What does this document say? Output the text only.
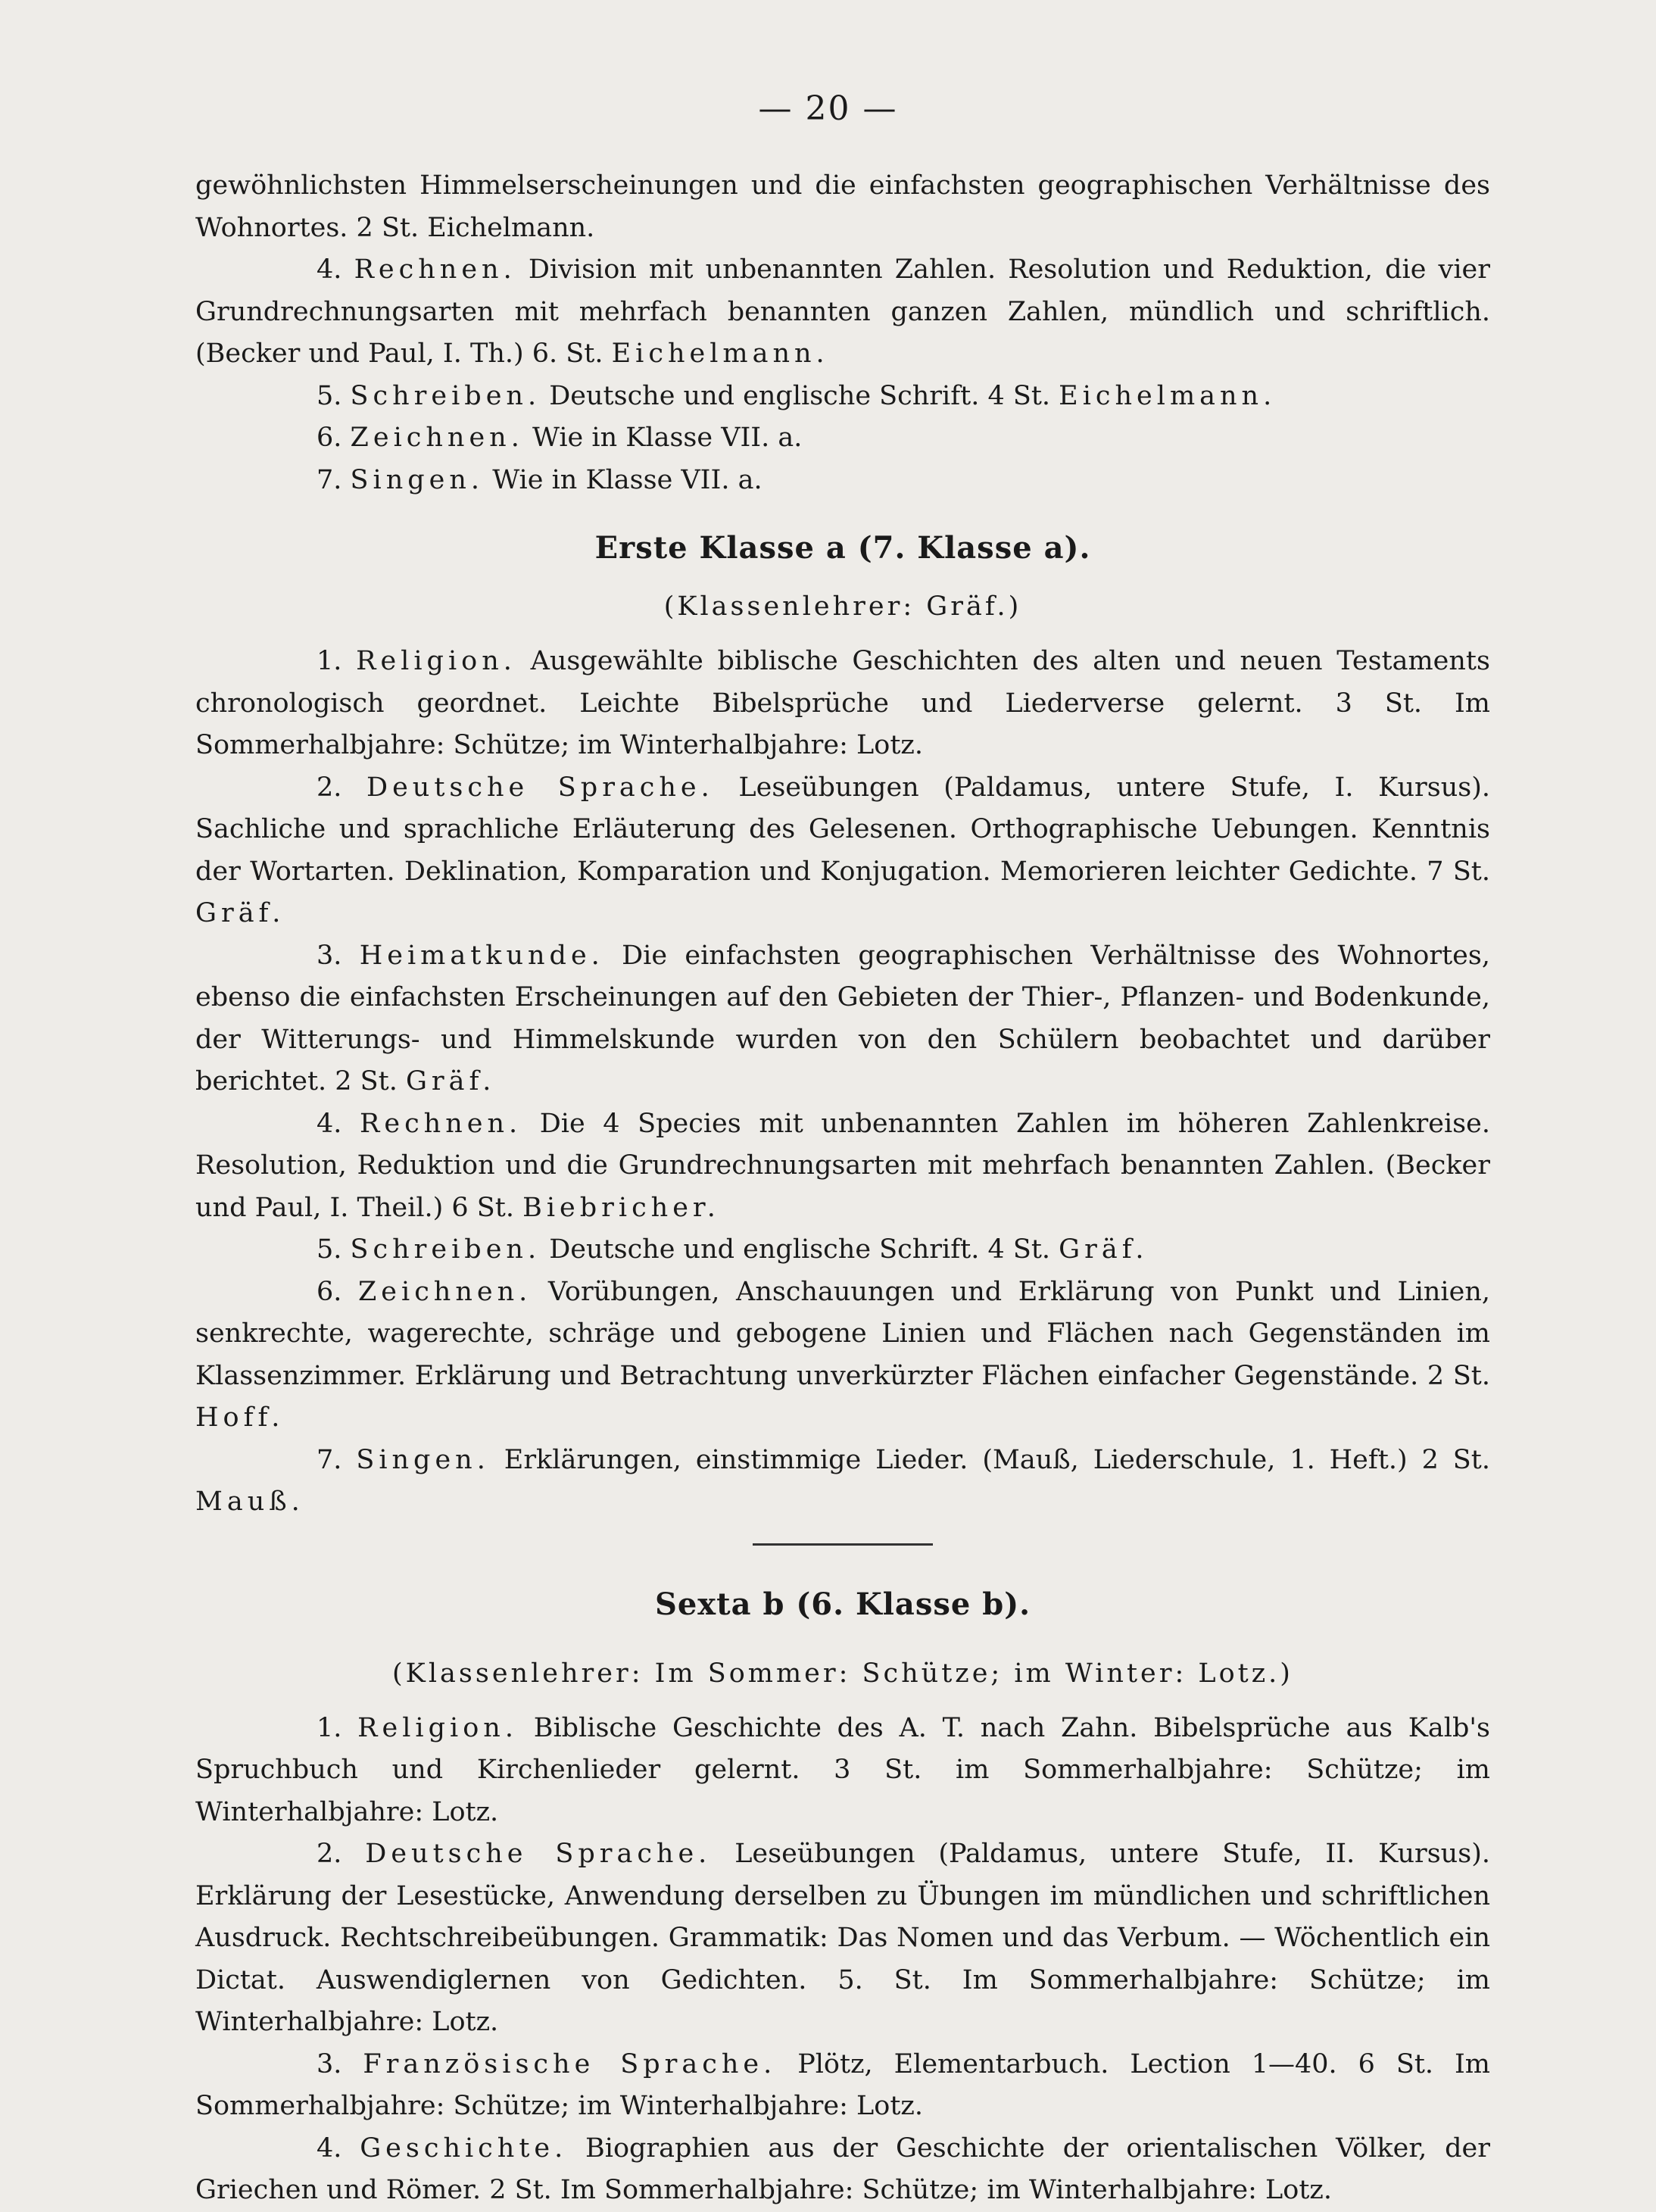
— 20 —

gewöhnlichsten Himmelserscheinungen und die einfachsten geographischen Verhältnisse des Wohnortes. 2 St. Eichelmann.

4. Rechnen. Division mit unbenannten Zahlen. Resolution und Reduktion, die vier Grundrechnungsarten mit mehrfach benannten ganzen Zahlen, mündlich und schriftlich. (Becker und Paul, I. Th.) 6. St. Eichelmann.

5. Schreiben. Deutsche und englische Schrift. 4 St. Eichelmann.

6. Zeichnen. Wie in Klasse VII. a.

7. Singen. Wie in Klasse VII. a.

Erste Klasse a (7. Klasse a).
(Klassenlehrer: Gräf.)

1. Religion. Ausgewählte biblische Geschichten des alten und neuen Testaments chronologisch geordnet. Leichte Bibelsprüche und Liederverse gelernt. 3 St. Im Sommerhalbjahre: Schütze; im Winterhalbjahre: Lotz.

2. Deutsche Sprache. Leseübungen (Paldamus, untere Stufe, I. Kursus). Sachliche und sprachliche Erläuterung des Gelesenen. Orthographische Uebungen. Kenntnis der Wortarten. Deklination, Komparation und Konjugation. Memorieren leichter Gedichte. 7 St. Gräf.

3. Heimatkunde. Die einfachsten geographischen Verhältnisse des Wohnortes, ebenso die einfachsten Erscheinungen auf den Gebieten der Thier-, Pflanzen- und Bodenkunde, der Witterungs- und Himmelskunde wurden von den Schülern beobachtet und darüber berichtet. 2 St. Gräf.

4. Rechnen. Die 4 Species mit unbenannten Zahlen im höheren Zahlenkreise. Resolution, Reduktion und die Grundrechnungsarten mit mehrfach benannten Zahlen. (Becker und Paul, I. Theil.) 6 St. Biebricher.

5. Schreiben. Deutsche und englische Schrift. 4 St. Gräf.

6. Zeichnen. Vorübungen, Anschauungen und Erklärung von Punkt und Linien, senkrechte, wagerechte, schräge und gebogene Linien und Flächen nach Gegenständen im Klassenzimmer. Erklärung und Betrachtung unverkürzter Flächen einfacher Gegenstände. 2 St. Hoff.

7. Singen. Erklärungen, einstimmige Lieder. (Mauß, Liederschule, 1. Heft.) 2 St. Mauß.

Sexta b (6. Klasse b).
(Klassenlehrer: Im Sommer: Schütze; im Winter: Lotz.)

1. Religion. Biblische Geschichte des A. T. nach Zahn. Bibelsprüche aus Kalb's Spruchbuch und Kirchenlieder gelernt. 3 St. im Sommerhalbjahre: Schütze; im Winterhalbjahre: Lotz.

2. Deutsche Sprache. Leseübungen (Paldamus, untere Stufe, II. Kursus). Erklärung der Lesestücke, Anwendung derselben zu Übungen im mündlichen und schriftlichen Ausdruck. Rechtschreibeübungen. Grammatik: Das Nomen und das Verbum. — Wöchentlich ein Dictat. Auswendiglernen von Gedichten. 5. St. Im Sommerhalbjahre: Schütze; im Winterhalbjahre: Lotz.

3. Französische Sprache. Plötz, Elementarbuch. Lection 1—40. 6 St. Im Sommerhalbjahre: Schütze; im Winterhalbjahre: Lotz.

4. Geschichte. Biographien aus der Geschichte der orientalischen Völker, der Griechen und Römer. 2 St. Im Sommerhalbjahre: Schütze; im Winterhalbjahre: Lotz.
